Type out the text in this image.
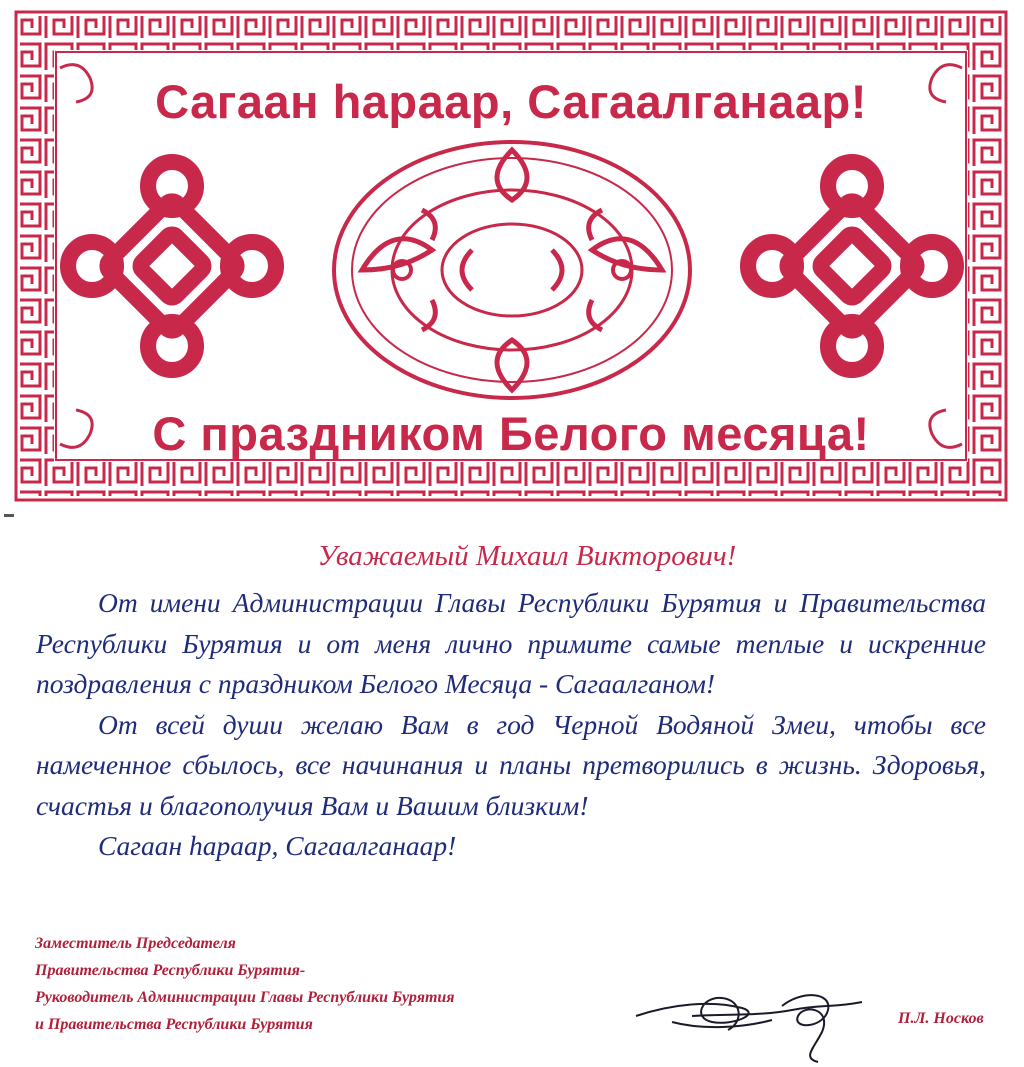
Сагаан һараар, Сагаалганаар!
С праздником Белого месяца!
Уважаемый Михаил Викторович!

От имени Администрации Главы Республики Бурятия и Правительства Республики Бурятия и от меня лично примите самые теплые и искренние поздравления с праздником Белого Месяца - Сагаалганом!

От всей души желаю Вам в год Черной Водяной Змеи, чтобы все намеченное сбылось, все начинания и планы претворились в жизнь. Здоровья, счастья и благополучия Вам и Вашим близким!

Сагаан һараар, Сагаалганаар!
Заместитель Председателя
Правительства Республики Бурятия-
Руководитель Администрации Главы Республики Бурятия
и Правительства Республики Бурятия	П.Л. Носков
